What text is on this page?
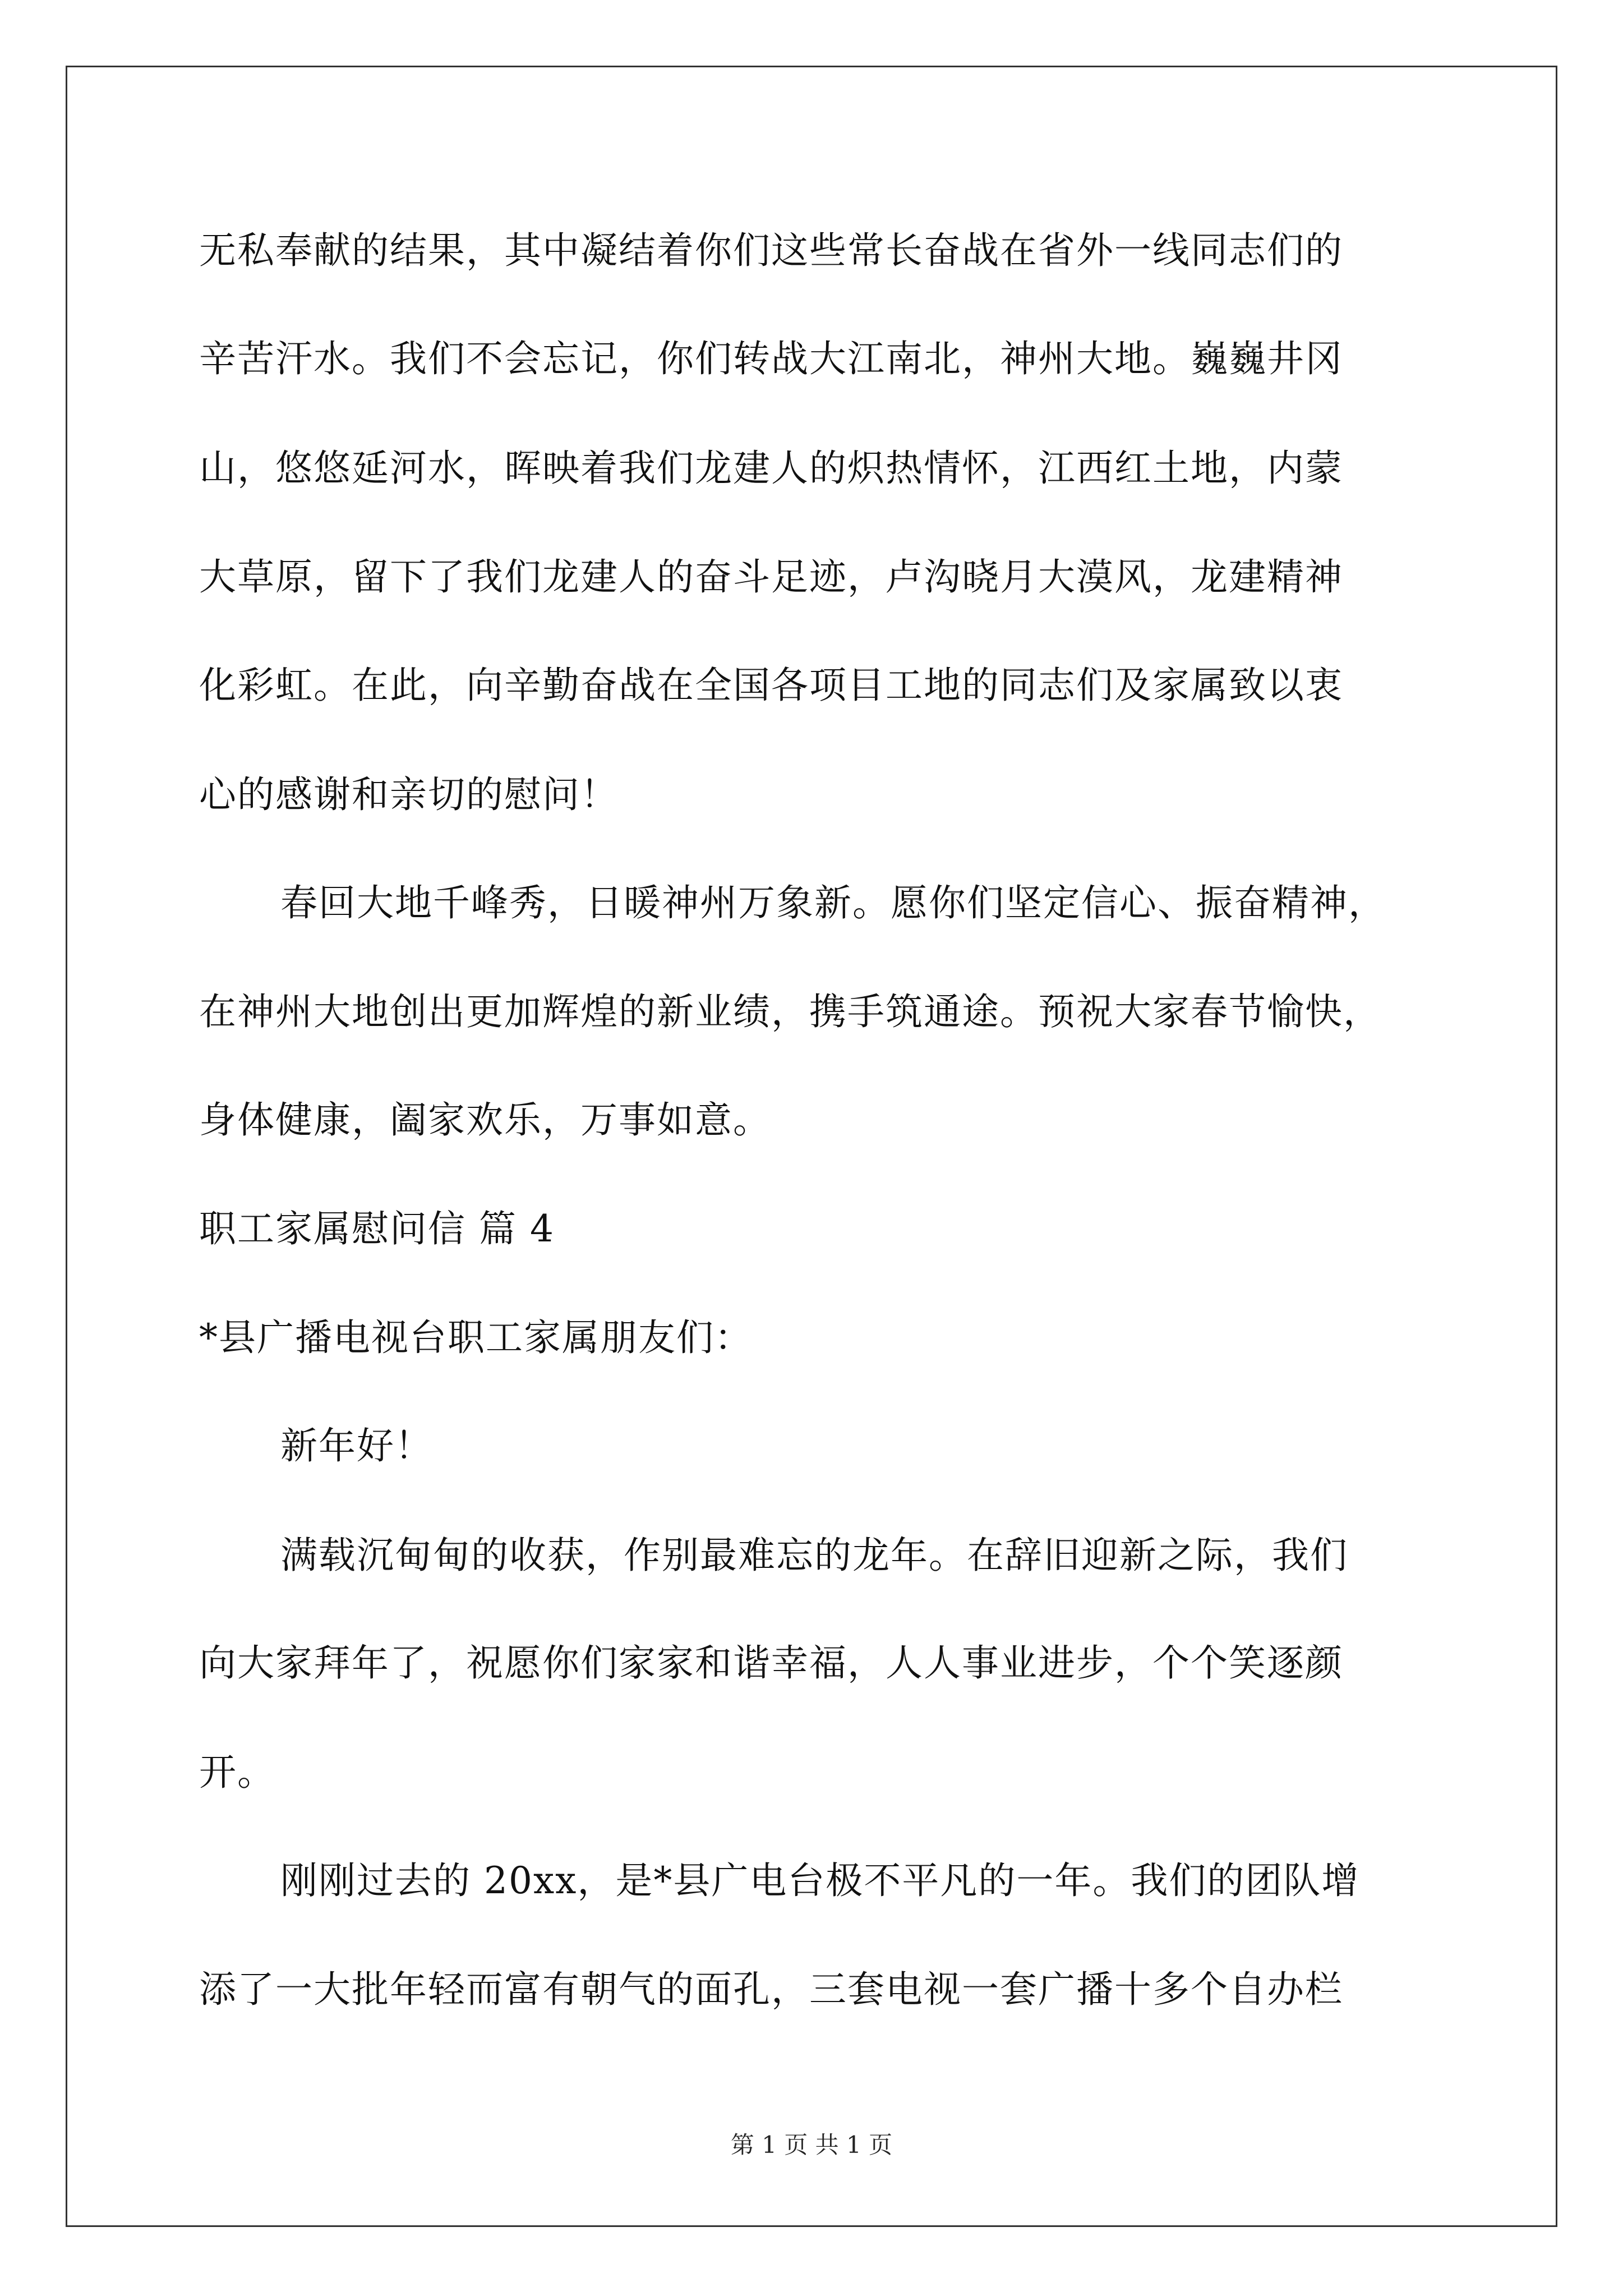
无私奉献的结果，其中凝结着你们这些常长奋战在省外一线同志们的
辛苦汗水。我们不会忘记，你们转战大江南北，神州大地。巍巍井冈
山，悠悠延河水，晖映着我们龙建人的炽热情怀，江西红土地，内蒙
大草原，留下了我们龙建人的奋斗足迹，卢沟晓月大漠风，龙建精神
化彩虹。在此，向辛勤奋战在全国各项目工地的同志们及家属致以衷
心的感谢和亲切的慰问！
春回大地千峰秀，日暖神州万象新。愿你们坚定信心、振奋精神，
在神州大地创出更加辉煌的新业绩，携手筑通途。预祝大家春节愉快，
身体健康，阖家欢乐，万事如意。
职工家属慰问信 篇 4
*县广播电视台职工家属朋友们：
新年好！
满载沉甸甸的收获，作别最难忘的龙年。在辞旧迎新之际，我们
向大家拜年了，祝愿你们家家和谐幸福，人人事业进步，个个笑逐颜
开。
刚刚过去的 20xx，是*县广电台极不平凡的一年。我们的团队增
添了一大批年轻而富有朝气的面孔，三套电视一套广播十多个自办栏
第 1 页 共 1 页
